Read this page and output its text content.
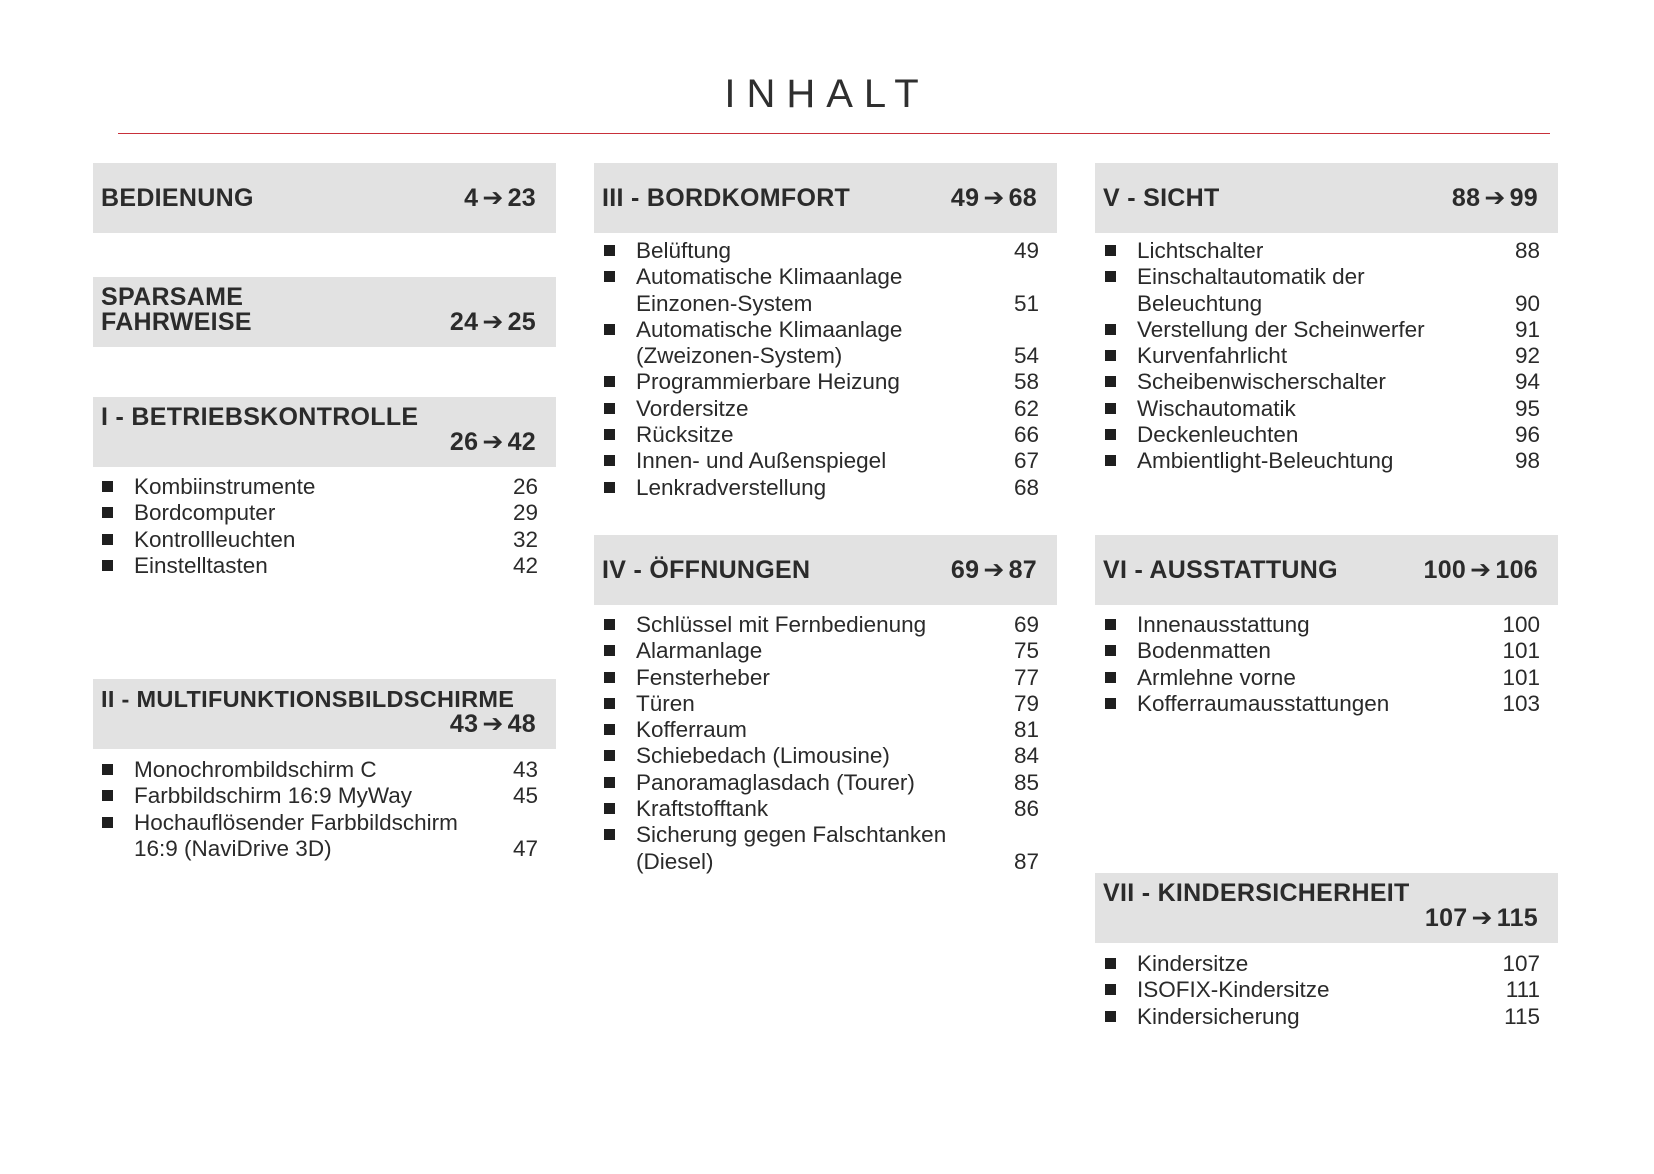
INHALT
BEDIENUNG	4 ➔ 23
SPARSAME
FAHRWEISE	24 ➔ 25
I - BETRIEBSKONTROLLE
26 ➔ 42
Kombiinstrumente	26
Bordcomputer	29
Kontrollleuchten	32
Einstelltasten	42
II - MULTIFUNKTIONSBILDSCHIRME
43 ➔ 48
Monochrombildschirm C	43
Farbbildschirm 16:9 MyWay	45
Hochauflösender Farbbildschirm
16:9 (NaviDrive 3D)	47
III - BORDKOMFORT	49 ➔ 68
Belüftung	49
Automatische Klimaanlage
Einzonen-System	51
Automatische Klimaanlage
(Zweizonen-System)	54
Programmierbare Heizung	58
Vordersitze	62
Rücksitze	66
Innen- und Außenspiegel	67
Lenkradverstellung	68
IV - ÖFFNUNGEN	69 ➔ 87
Schlüssel mit Fernbedienung	69
Alarmanlage	75
Fensterheber	77
Türen	79
Kofferraum	81
Schiebedach (Limousine)	84
Panoramaglasdach (Tourer)	85
Kraftstofftank	86
Sicherung gegen Falschtanken
(Diesel)	87
V - SICHT	88 ➔ 99
Lichtschalter	88
Einschaltautomatik der
Beleuchtung	90
Verstellung der Scheinwerfer	91
Kurvenfahrlicht	92
Scheibenwischerschalter	94
Wischautomatik	95
Deckenleuchten	96
Ambientlight-Beleuchtung	98
VI - AUSSTATTUNG	100 ➔ 106
Innenausstattung	100
Bodenmatten	101
Armlehne vorne	101
Kofferraumausstattungen	103
VII - KINDERSICHERHEIT
107 ➔ 115
Kindersitze	107
ISOFIX-Kindersitze	111
Kindersicherung	115
